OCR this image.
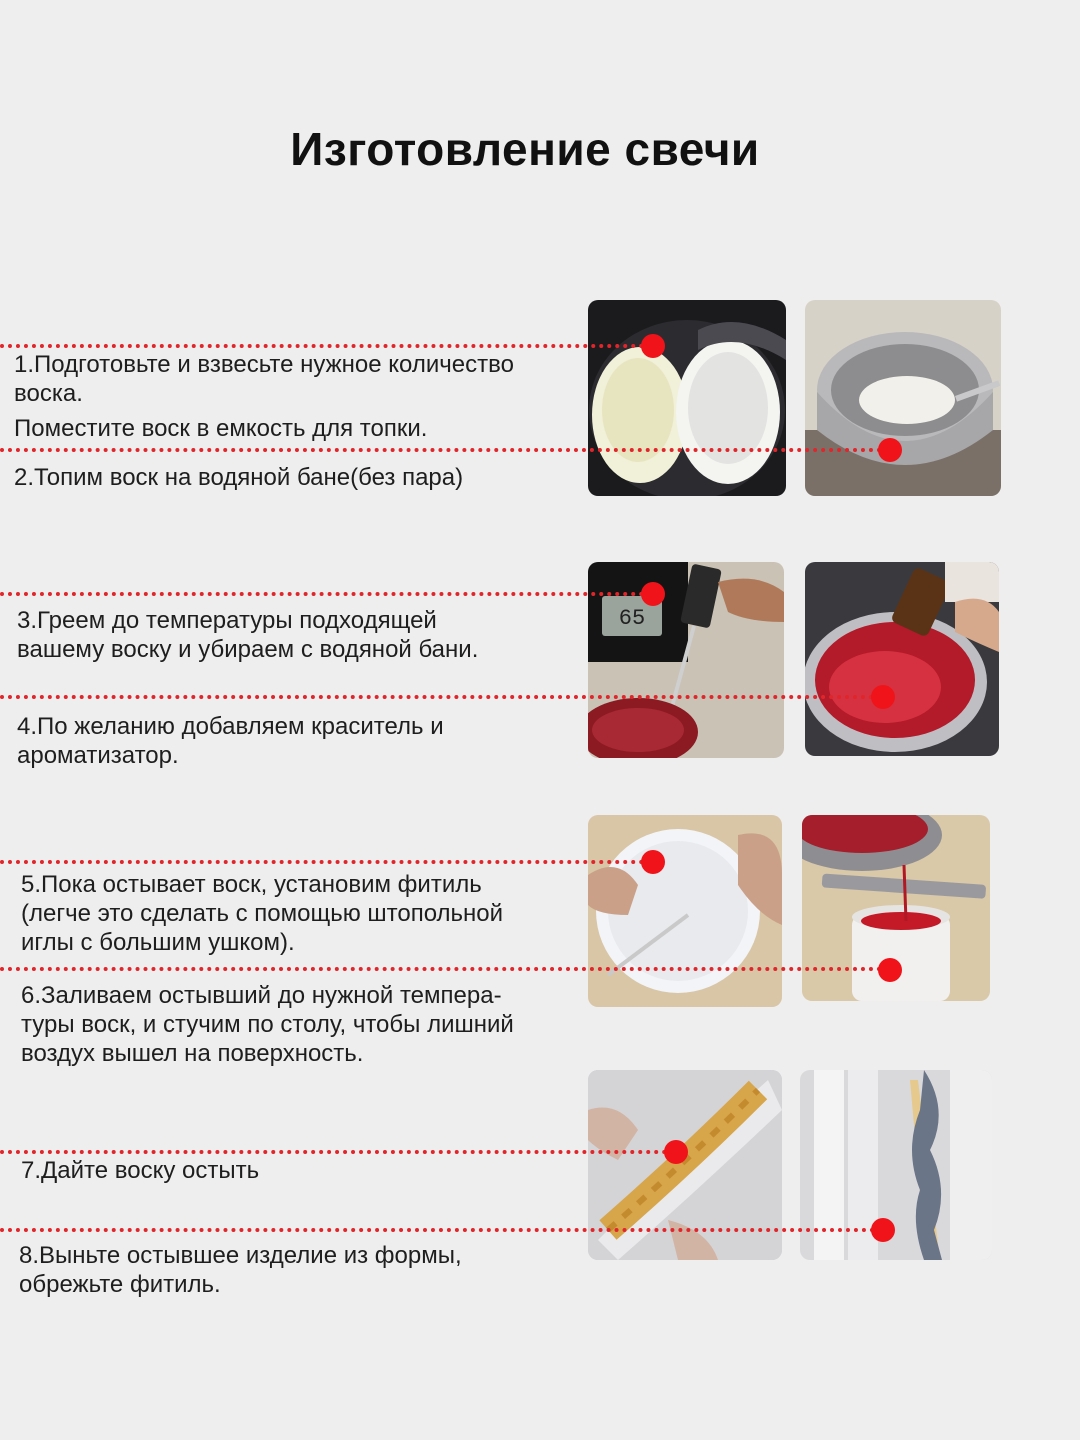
Изготовление свечи
1.Подготовьте и взвесьте нужное количество
воска.
Поместите воск в емкость для топки.
2.Топим воск на водяной бане(без пара)
65
3.Греем до температуры подходящей
вашему воску и убираем с водяной бани.
4.По желанию добавляем краситель и
ароматизатор.
5.Пока остывает воск, установим фитиль
(легче это сделать с помощью штопольной
иглы с большим ушком).
6.Заливаем остывший до нужной темпера-
туры воск, и стучим по столу, чтобы лишний
воздух вышел на поверхность.
7.Дайте воску остыть
8.Выньте остывшее изделие из формы,
обрежьте фитиль.
